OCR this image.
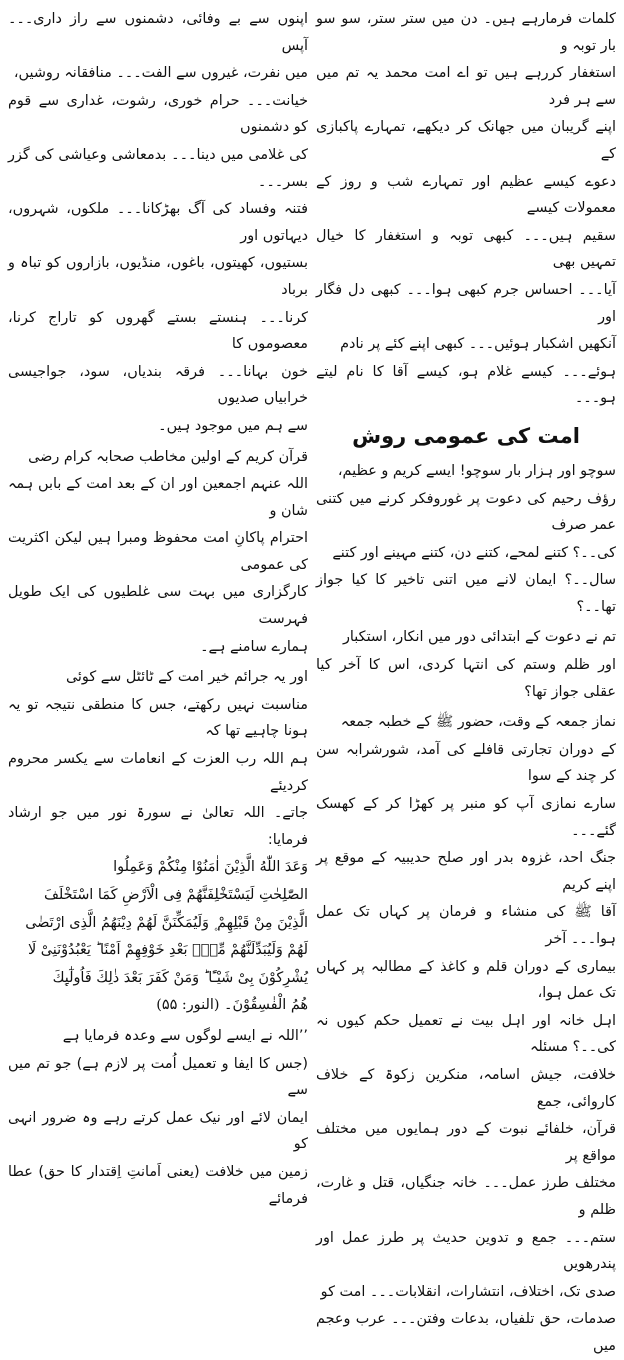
اپنوں سے بے وفائی، دشمنوں سے راز داری۔۔۔ آپس

میں نفرت، غیروں سے الفت۔۔۔ منافقانہ روشیں،

خیانت۔۔۔ حرام خوری، رشوت، غداری سے قوم کو دشمنوں

کی غلامی میں دینا۔۔۔ بدمعاشی وعیاشی کی گزر بسر۔۔۔

فتنہ وفساد کی آگ بھڑکانا۔۔۔ ملکوں، شہروں، دیہاتوں اور

بستیوں، کھیتوں، باغوں، منڈیوں، بازاروں کو تباہ و برباد

کرنا۔۔۔ ہنستے بستے گھروں کو تاراج کرنا، معصوموں کا

خون بہانا۔۔۔ فرقہ بندیاں، سود، جواجیسی خرابیاں صدیوں

سے ہم میں موجود ہیں۔

قرآن کریم کے اولین مخاطب صحابہ کرام رضی

اللہ عنہم اجمعین اور ان کے بعد امت کے بابں ہمہ شان و

احترام پاکانِ امت محفوظ ومبرا ہیں لیکن اکثریت کی عمومی

کارگزاری میں بہت سی غلطیوں کی ایک طویل فہرست

ہمارے سامنے ہے۔

اور یہ جرائم خیر امت کے ٹائٹل سے کوئی

مناسبت نہیں رکھتے، جس کا منطقی نتیجہ تو یہ ہونا چاہیے تھا کہ

ہم اللہ رب العزت کے انعامات سے یکسر محروم کردیئے

جاتے۔ اللہ تعالیٰ نے سورۃ نور میں جو ارشاد فرمایا:

وَعَدَ اللّٰهُ الَّذِیْنَ اٰمَنُوْا مِنْكُمْ وَعَمِلُوا

الصّٰلِحٰتِ لَیَسْتَخْلِفَنَّهُمْ فِی الْاَرْضِ كَمَا اسْتَخْلَفَ

الَّذِیْنَ مِنْ قَبْلِهِمْ ۪ وَلَیُمَكِّنَنَّ لَهُمْ دِیْنَهُمُ الَّذِی ارْتَضٰى

لَهُمْ وَلَیُبَدِّلَنَّهُمْ مِّنْۢ بَعْدِ خَوْفِهِمْ اَمْنًا ؕ یَعْبُدُوْنَنِیْ لَا

یُشْرِكُوْنَ بِیْ شَیْـًٔا ؕ وَمَنْ كَفَرَ بَعْدَ ذٰلِكَ فَاُولٰٓىِٕكَ

هُمُ الْفٰسِقُوْنَ۔ (النور: ۵۵)

’’اللہ نے ایسے لوگوں سے وعدہ فرمایا ہے

(جس کا ایفا و تعمیل اُمت پر لازم ہے) جو تم میں سے

ایمان لائے اور نیک عمل کرتے رہے وہ ضرور انہی کو

زمین میں خلافت (یعنی اَمانتِ اِقتدار کا حق) عطا فرمائے

کلمات فرمارہے ہیں۔ دن میں ستر ستر، سو سو بار توبہ و

استغفار کررہے ہیں تو اے امت محمد یہ تم میں سے ہر فرد

اپنے گریبان میں جھانک کر دیکھے، تمہارے پاکبازی کے

دعوے کیسے عظیم اور تمہارے شب و روز کے معمولات کیسے

سقیم ہیں۔۔۔ کبھی توبہ و استغفار کا خیال تمہیں بھی

آیا۔۔۔ احساس جرم کبھی ہوا۔۔۔ کبھی دل فگار اور

آنکھیں اشکبار ہوئیں۔۔۔ کبھی اپنے کئے پر نادم

ہوئے۔۔۔ کیسے غلام ہو، کیسے آقا کا نام لیتے ہو۔۔۔

امت کی عمومی روش

سوچو اور ہزار بار سوچو! ایسے کریم و عظیم،

رؤف رحیم کی دعوت پر غوروفکر کرنے میں کتنی عمر صرف

کی۔۔؟ کتنے لمحے، کتنے دن، کتنے مہینے اور کتنے

سال۔۔؟ ایمان لانے میں اتنی تاخیر کا کیا جواز تھا۔۔؟

تم نے دعوت کے ابتدائی دور میں انکار، استکبار

اور ظلم وستم کی انتہا کردی، اس کا آخر کیا عقلی جواز تھا؟

نماز جمعہ کے وقت، حضور ﷺ کے خطبہ جمعہ

کے دوران تجارتی قافلے کی آمد، شورشرابہ سن کر چند کے سوا

سارے نمازی آپ کو منبر پر کھڑا کر کے کھسک گئے۔۔۔

جنگ احد، غزوہ بدر اور صلح حدیبیہ کے موقع پر اپنے کریم

آقا ﷺ کی منشاء و فرمان پر کہاں تک عمل ہوا۔۔۔ آخر

بیماری کے دوران قلم و کاغذ کے مطالبہ پر کہاں تک عمل ہوا،

اہل خانہ اور اہل بیت نے تعمیل حکم کیوں نہ کی۔۔؟ مسئلہ

خلافت، جیش اسامہ، منکرین زکوۃ کے خلاف کاروائی، جمع

قرآن، خلفائے نبوت کے دور ہمایوں میں مختلف مواقع پر

مختلف طرز عمل۔۔۔ خانہ جنگیاں، قتل و غارت، ظلم و

ستم۔۔۔ جمع و تدوین حدیث پر طرز عمل اور پندرھویں

صدی تک، اختلاف، انتشارات، انقلابات۔۔۔ امت کو

صدمات، حق تلفیاں، بدعات وفتن۔۔۔ عرب وعجم میں
